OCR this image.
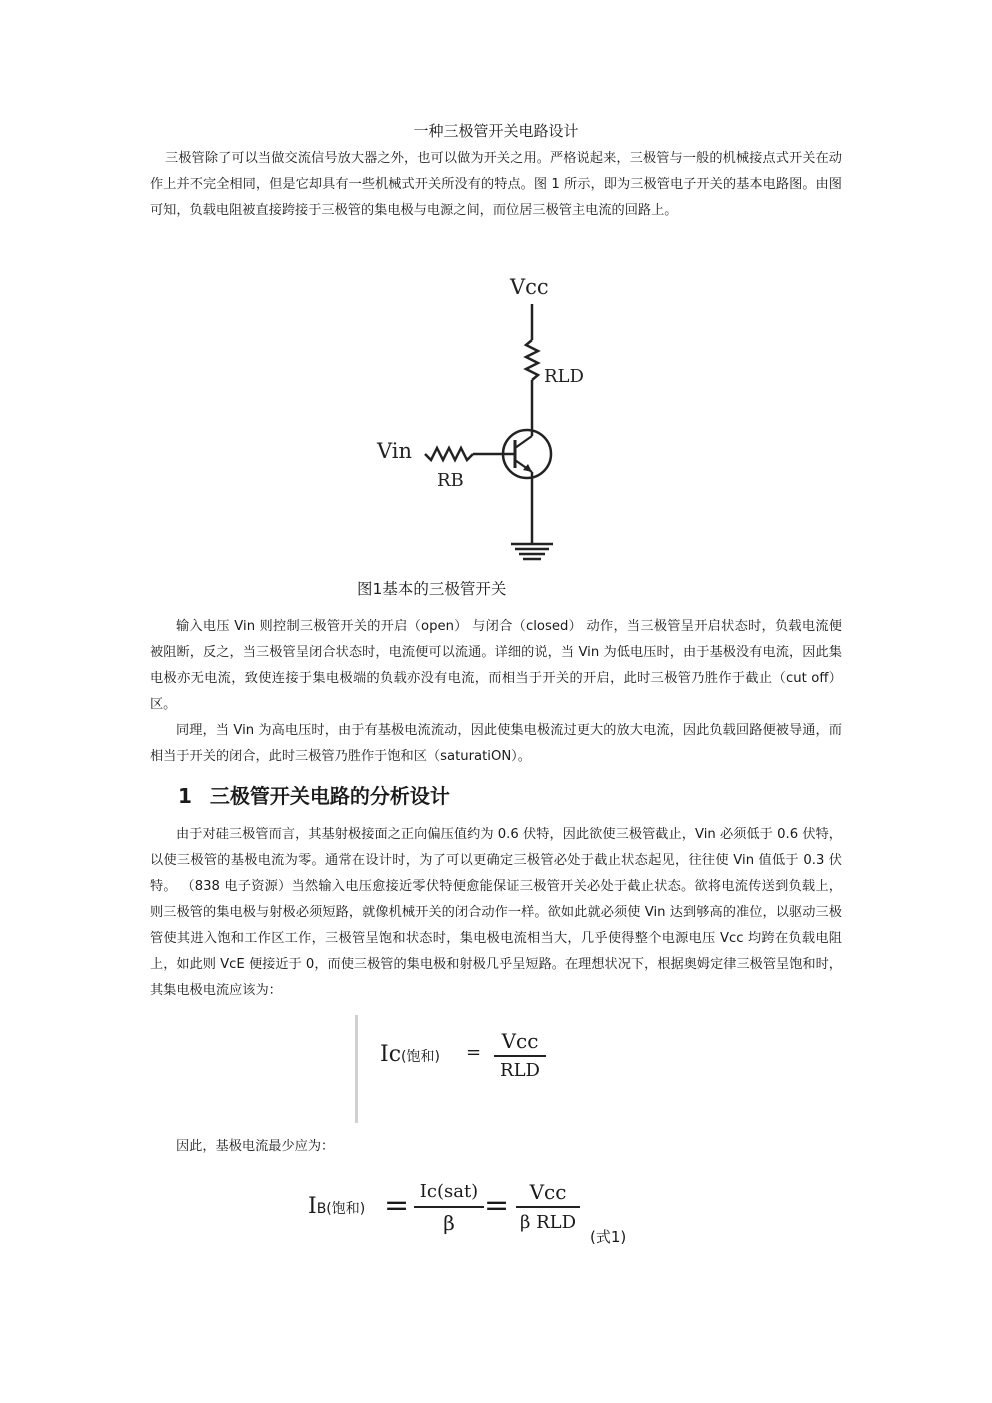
一种三极管开关电路设计

三极管除了可以当做交流信号放大器之外，也可以做为开关之用。严格说起来，三极管与一般的机械接点式开关在动作上并不完全相同，但是它却具有一些机械式开关所没有的特点。图 1 所示，即为三极管电子开关的基本电路图。由图可知，负载电阻被直接跨接于三极管的集电极与电源之间，而位居三极管主电流的回路上。

Vcc
RLD
Vin
RB
图1基本的三极管开关

输入电压 Vin 则控制三极管开关的开启（open） 与闭合（closed） 动作，当三极管呈开启状态时，负载电流便被阻断，反之，当三极管呈闭合状态时，电流便可以流通。详细的说，当 Vin 为低电压时，由于基极没有电流，因此集电极亦无电流，致使连接于集电极端的负载亦没有电流，而相当于开关的开启，此时三极管乃胜作于截止（cut off）区。

同理，当 Vin 为高电压时，由于有基极电流流动，因此使集电极流过更大的放大电流，因此负载回路便被导通，而相当于开关的闭合，此时三极管乃胜作于饱和区（saturatiON）。

1 三极管开关电路的分析设计

由于对硅三极管而言，其基射极接面之正向偏压值约为 0.6 伏特，因此欲使三极管截止，Vin 必须低于 0.6 伏特，以使三极管的基极电流为零。通常在设计时，为了可以更确定三极管必处于截止状态起见，往往使 Vin 值低于 0.3 伏特。 （838 电子资源）当然输入电压愈接近零伏特便愈能保证三极管开关必处于截止状态。欲将电流传送到负载上，则三极管的集电极与射极必须短路，就像机械开关的闭合动作一样。欲如此就必须使 Vin 达到够高的准位，以驱动三极管使其进入饱和工作区工作，三极管呈饱和状态时，集电极电流相当大，几乎使得整个电源电压 Vcc 均跨在负载电阻上，如此则 VcE 便接近于 0，而使三极管的集电极和射极几乎呈短路。在理想状况下，根据奥姆定律三极管呈饱和时，其集电极电流应该为：

Ic(饱和) =	Vcc
RLD

因此，基极电流最少应为：

IB(饱和) = Ic(sat)
β =	Vcc
β RLD
(式1)
